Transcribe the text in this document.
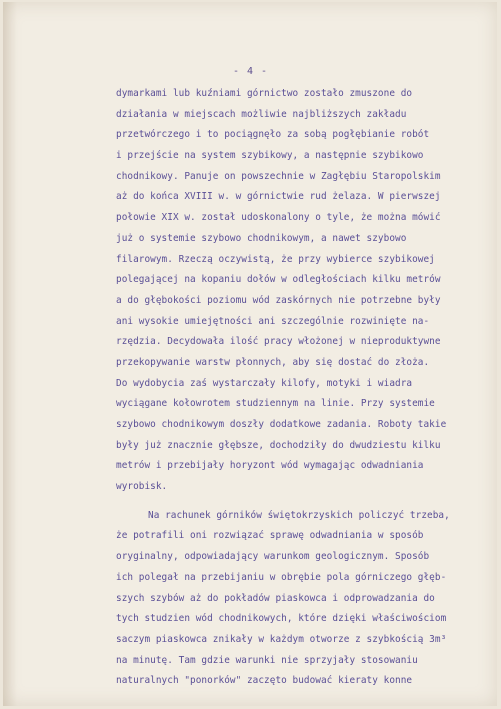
- 4 -
dymarkami lub kuźniami górnictwo zostało zmuszone do
działania w miejscach możliwie najbliższych zakładu
przetwórczego i to pociągnęło za sobą pogłębianie robót
i przejście na system szybikowy, a następnie szybikowo
chodnikowy. Panuje on powszechnie w Zagłębiu Staropolskim
aż do końca XVIII w. w górnictwie rud żelaza. W pierwszej
połowie XIX w. został udoskonalony o tyle, że można mówić
już o systemie szybowo chodnikowym, a nawet szybowo
filarowym. Rzeczą oczywistą, że przy wybierce szybikowej
polegającej na kopaniu dołów w odległościach kilku metrów
a do głębokości poziomu wód zaskórnych nie potrzebne były
ani wysokie umiejętności ani szczególnie rozwinięte na-
rzędzia. Decydowała ilość pracy włożonej w nieproduktywne
przekopywanie warstw płonnych, aby się dostać do złoża.
Do wydobycia zaś wystarczały kilofy, motyki i wiadra
wyciągane kołowrotem studziennym na linie. Przy systemie
szybowo chodnikowym doszły dodatkowe zadania. Roboty takie
były już znacznie głębsze, dochodziły do dwudziestu kilku
metrów i przebijały horyzont wód wymagając odwadniania
wyrobisk.
Na rachunek górników świętokrzyskich policzyć trzeba,
że potrafili oni rozwiązać sprawę odwadniania w sposób
oryginalny, odpowiadający warunkom geologicznym. Sposób
ich polegał na przebijaniu w obrębie pola górniczego głęb-
szych szybów aż do pokładów piaskowca i odprowadzania do
tych studzien wód chodnikowych, które dzięki właściwościom
saczym piaskowca znikały w każdym otworze z szybkością 3m³
na minutę. Tam gdzie warunki nie sprzyjały stosowaniu
naturalnych "ponorków" zaczęto budować kieraty konne
